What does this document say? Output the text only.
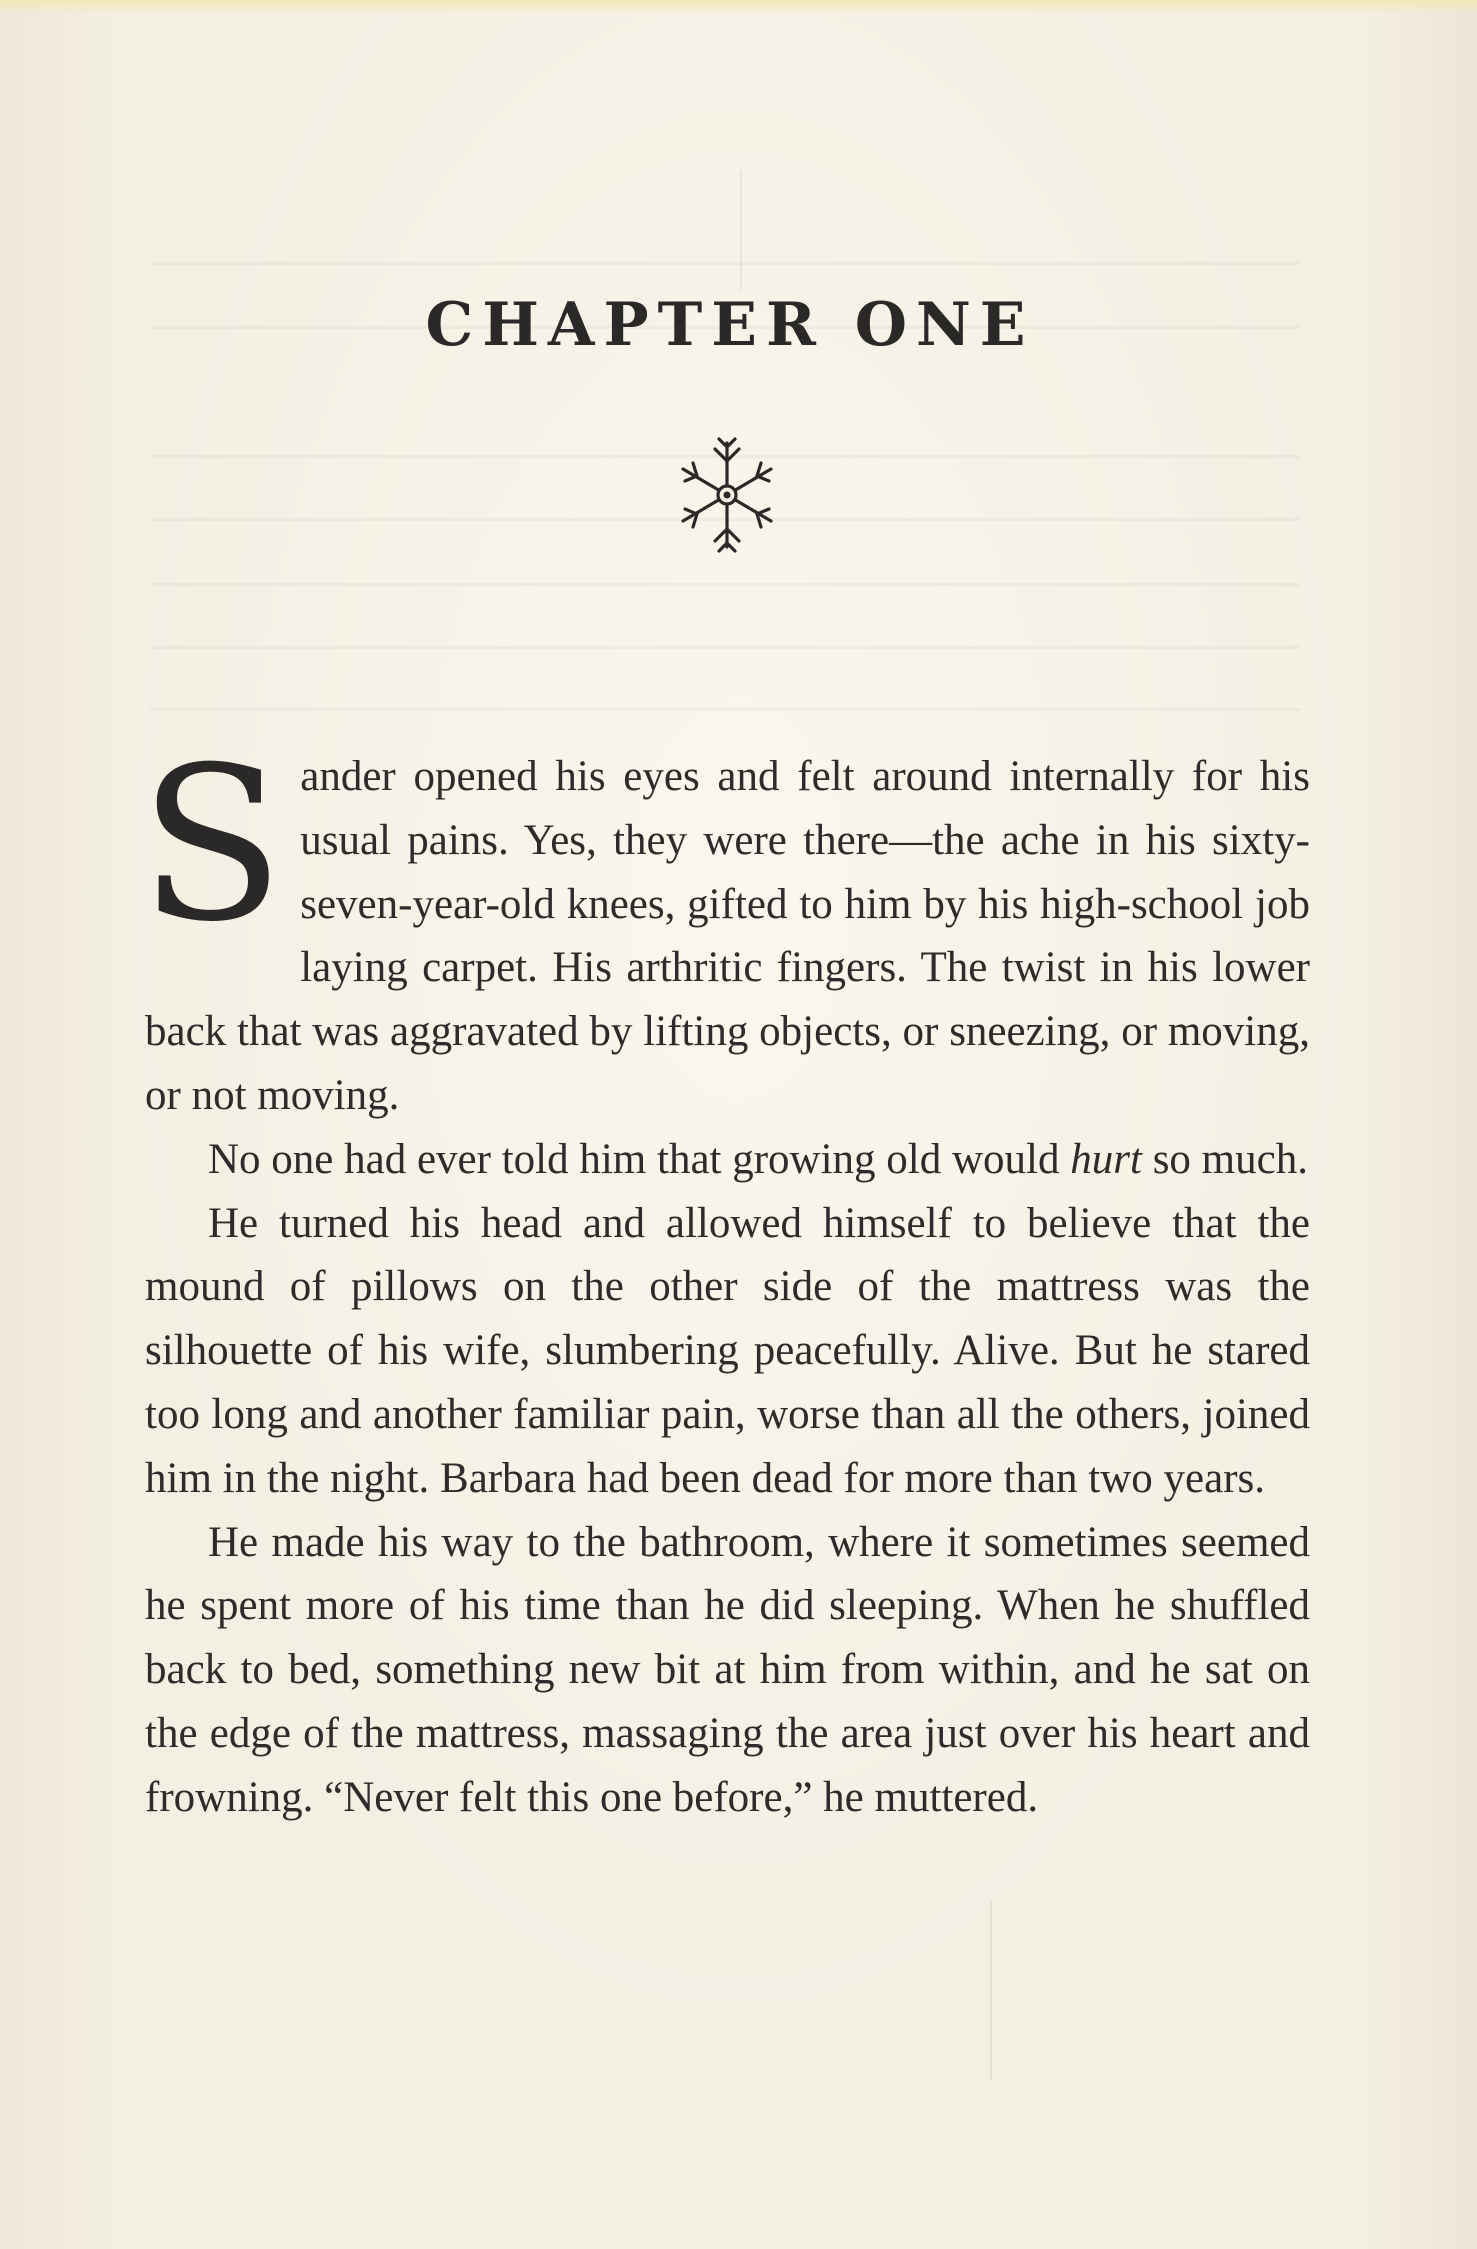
CHAPTER ONE

Sander opened his eyes and felt around internally for his usual pains. Yes, they were there—the ache in his sixty-seven-year-old knees, gifted to him by his high-school job laying carpet. His arthritic fingers. The twist in his lower back that was aggravated by lifting objects, or sneezing, or moving, or not moving.

No one had ever told him that growing old would hurt so much.

He turned his head and allowed himself to believe that the mound of pillows on the other side of the mattress was the silhouette of his wife, slumbering peacefully. Alive. But he stared too long and another familiar pain, worse than all the others, joined him in the night. Barbara had been dead for more than two years.

He made his way to the bathroom, where it sometimes seemed he spent more of his time than he did sleeping. When he shuffled back to bed, something new bit at him from within, and he sat on the edge of the mattress, massaging the area just over his heart and frowning. “Never felt this one before,” he muttered.
